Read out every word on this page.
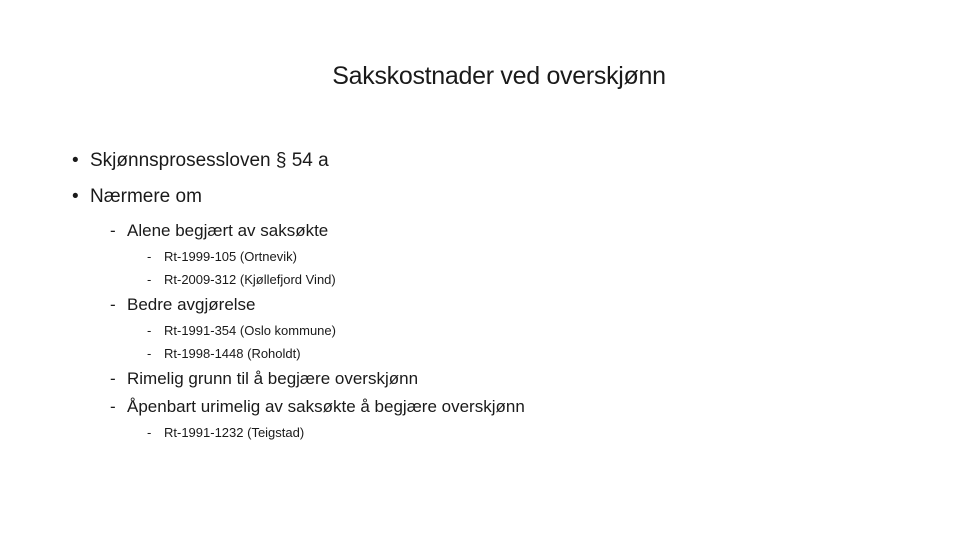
Sakskostnader ved overskjønn
• Skjønnsprosessloven § 54 a
• Nærmere om
- Alene begjært av saksøkte
- Rt-1999-105 (Ortnevik)
- Rt-2009-312 (Kjøllefjord Vind)
- Bedre avgjørelse
- Rt-1991-354 (Oslo kommune)
- Rt-1998-1448 (Roholdt)
- Rimelig grunn til å begjære overskjønn
- Åpenbart urimelig av saksøkte å begjære overskjønn
- Rt-1991-1232 (Teigstad)
